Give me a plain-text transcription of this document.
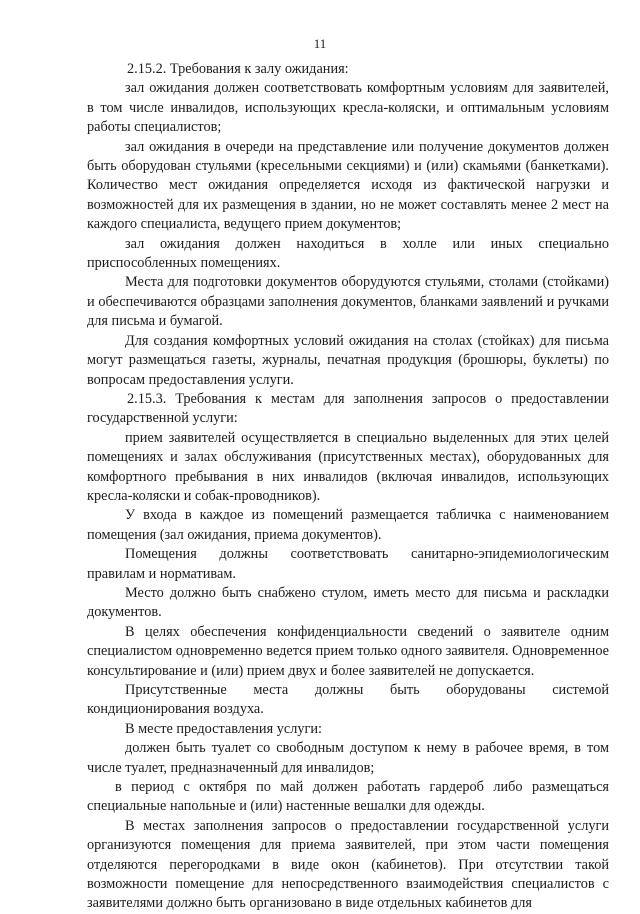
11

2.15.2. Требования к залу ожидания:

зал ожидания должен соответствовать комфортным условиям для заявителей, в том числе инвалидов, использующих кресла-коляски, и оптимальным условиям работы специалистов;

зал ожидания в очереди на представление или получение документов должен быть оборудован стульями (кресельными секциями) и (или) скамьями (банкетками). Количество мест ожидания определяется исходя из фактической нагрузки и возможностей для их размещения в здании, но не может составлять менее 2 мест на каждого специалиста, ведущего прием документов;

зал ожидания должен находиться в холле или иных специально приспособленных помещениях.

Места для подготовки документов оборудуются стульями, столами (стойками) и обеспечиваются образцами заполнения документов, бланками заявлений и ручками для письма и бумагой.

Для создания комфортных условий ожидания на столах (стойках) для письма могут размещаться газеты, журналы, печатная продукция (брошюры, буклеты) по вопросам предоставления услуги.

2.15.3. Требования к местам для заполнения запросов о предоставлении государственной услуги:

прием заявителей осуществляется в специально выделенных для этих целей помещениях и залах обслуживания (присутственных местах), оборудованных для комфортного пребывания в них инвалидов (включая инвалидов, использующих кресла-коляски и собак-проводников).

У входа в каждое из помещений размещается табличка с наименованием помещения (зал ожидания, приема документов).

Помещения должны соответствовать санитарно-эпидемиологическим правилам и нормативам.

Место должно быть снабжено стулом, иметь место для письма и раскладки документов.

В целях обеспечения конфиденциальности сведений о заявителе одним специалистом одновременно ведется прием только одного заявителя. Одновременное консультирование и (или) прием двух и более заявителей не допускается.

Присутственные места должны быть оборудованы системой кондиционирования воздуха.

В месте предоставления услуги:

должен быть туалет со свободным доступом к нему в рабочее время, в том числе туалет, предназначенный для инвалидов;

в период с октября по май должен работать гардероб либо размещаться специальные напольные и (или) настенные вешалки для одежды.

В местах заполнения запросов о предоставлении государственной услуги организуются помещения для приема заявителей, при этом части помещения отделяются перегородками в виде окон (кабинетов). При отсутствии такой возможности помещение для непосредственного взаимодействия специалистов с заявителями должно быть организовано в виде отдельных кабинетов для
